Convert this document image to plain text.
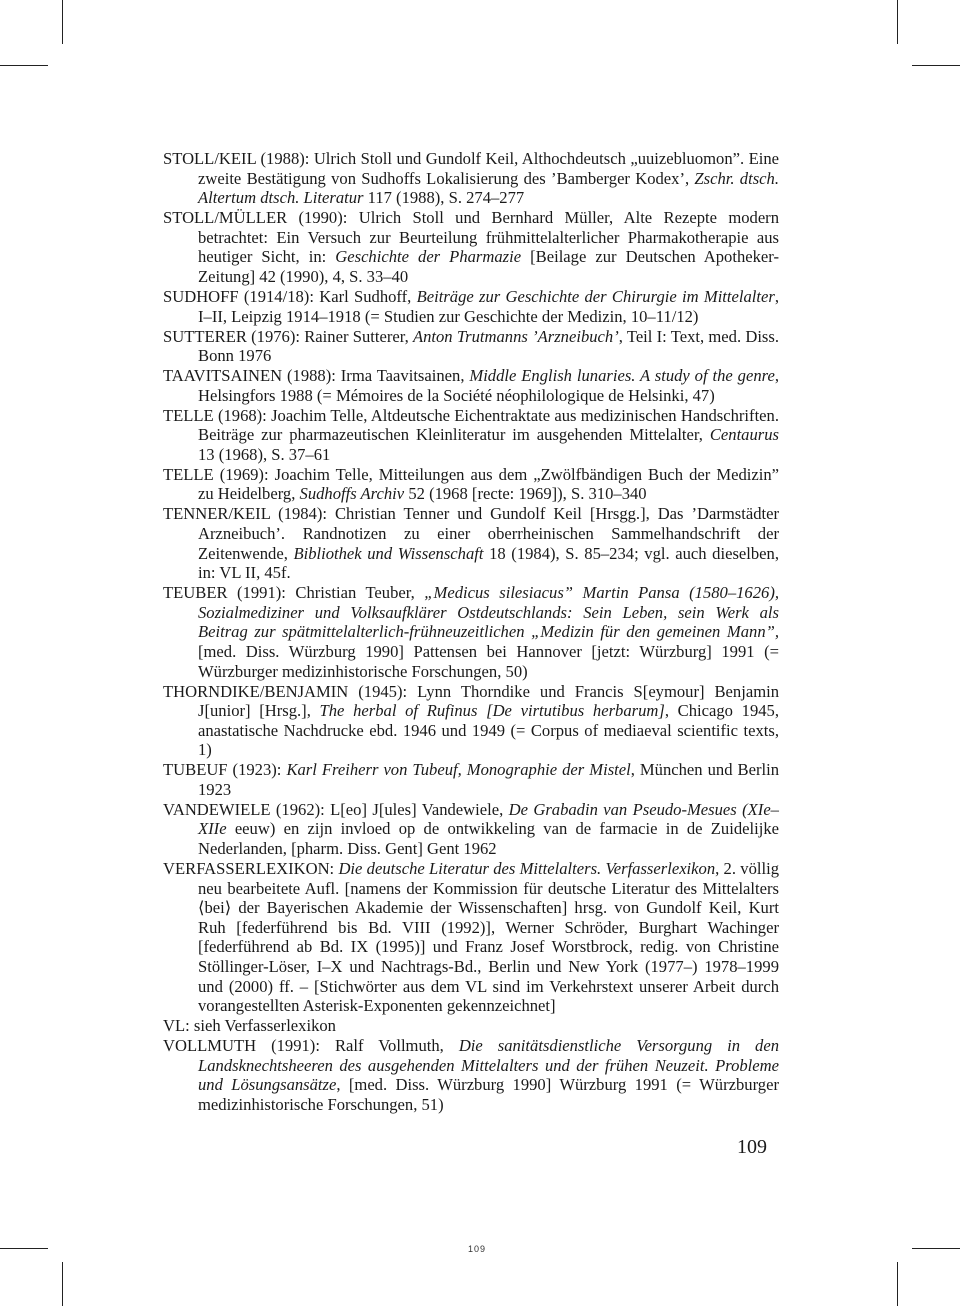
STOLL/KEIL (1988): Ulrich Stoll und Gundolf Keil, Althochdeutsch „uuizebluomon”. Eine zweite Bestätigung von Sudhoffs Lokalisierung des ’Bamberger Kodex’, Zschr. dtsch. Altertum dtsch. Literatur 117 (1988), S. 274–277

STOLL/MÜLLER (1990): Ulrich Stoll und Bernhard Müller, Alte Rezepte modern betrachtet: Ein Versuch zur Beurteilung frühmittelalterlicher Pharmakotherapie aus heutiger Sicht, in: Geschichte der Pharmazie [Beilage zur Deutschen Apotheker-Zeitung] 42 (1990), 4, S. 33–40

SUDHOFF (1914/18): Karl Sudhoff, Beiträge zur Geschichte der Chirurgie im Mittelalter, I–II, Leipzig 1914–1918 (= Studien zur Geschichte der Medizin, 10–11/12)

SUTTERER (1976): Rainer Sutterer, Anton Trutmanns ’Arzneibuch’, Teil I: Text, med. Diss. Bonn 1976

TAAVITSAINEN (1988): Irma Taavitsainen, Middle English lunaries. A study of the genre, Helsingfors 1988 (= Mémoires de la Société néophilologique de Helsinki, 47)

TELLE (1968): Joachim Telle, Altdeutsche Eichentraktate aus medizinischen Handschriften. Beiträge zur pharmazeutischen Kleinliteratur im ausgehenden Mittelalter, Centaurus 13 (1968), S. 37–61

TELLE (1969): Joachim Telle, Mitteilungen aus dem „Zwölfbändigen Buch der Medizin” zu Heidelberg, Sudhoffs Archiv 52 (1968 [recte: 1969]), S. 310–340

TENNER/KEIL (1984): Christian Tenner und Gundolf Keil [Hrsgg.], Das ’Darmstädter Arzneibuch’. Randnotizen zu einer oberrheinischen Sammelhandschrift der Zeitenwende, Bibliothek und Wissenschaft 18 (1984), S. 85–234; vgl. auch dieselben, in: VL II, 45f.

TEUBER (1991): Christian Teuber, „Medicus silesiacus” Martin Pansa (1580–1626), Sozialmediziner und Volksaufklärer Ostdeutschlands: Sein Leben, sein Werk als Beitrag zur spätmittelalterlich-frühneuzeitlichen „Medizin für den gemeinen Mann”, [med. Diss. Würzburg 1990] Pattensen bei Hannover [jetzt: Würzburg] 1991 (= Würzburger medizinhistorische Forschungen, 50)

THORNDIKE/BENJAMIN (1945): Lynn Thorndike und Francis S[eymour] Benjamin J[unior] [Hrsg.], The herbal of Rufinus [De virtutibus herbarum], Chicago 1945, anastatische Nachdrucke ebd. 1946 und 1949 (= Corpus of mediaeval scientific texts, 1)

TUBEUF (1923): Karl Freiherr von Tubeuf, Monographie der Mistel, München und Berlin 1923

VANDEWIELE (1962): L[eo] J[ules] Vandewiele, De Grabadin van Pseudo-Mesues (XIe–XIIe eeuw) en zijn invloed op de ontwikkeling van de farmacie in de Zuidelijke Nederlanden, [pharm. Diss. Gent] Gent 1962

VERFASSERLEXIKON: Die deutsche Literatur des Mittelalters. Verfasserlexikon, 2. völlig neu bearbeitete Aufl. [namens der Kommission für deutsche Literatur des Mittelalters ⟨bei⟩ der Bayerischen Akademie der Wissenschaften] hrsg. von Gundolf Keil, Kurt Ruh [federführend bis Bd. VIII (1992)], Werner Schröder, Burghart Wachinger [federführend ab Bd. IX (1995)] und Franz Josef Worstbrock, redig. von Christine Stöllinger-Löser, I–X und Nachtrags-Bd., Berlin und New York (1977–) 1978–1999 und (2000) ff. – [Stichwörter aus dem VL sind im Verkehrstext unserer Arbeit durch vorangestellten Asterisk-Exponenten gekennzeichnet]

VL: sieh Verfasserlexikon

VOLLMUTH (1991): Ralf Vollmuth, Die sanitätsdienstliche Versorgung in den Landsknechtsheeren des ausgehenden Mittelalters und der frühen Neuzeit. Probleme und Lösungsansätze, [med. Diss. Würzburg 1990] Würzburg 1991 (= Würzburger medizinhistorische Forschungen, 51)

109
109
